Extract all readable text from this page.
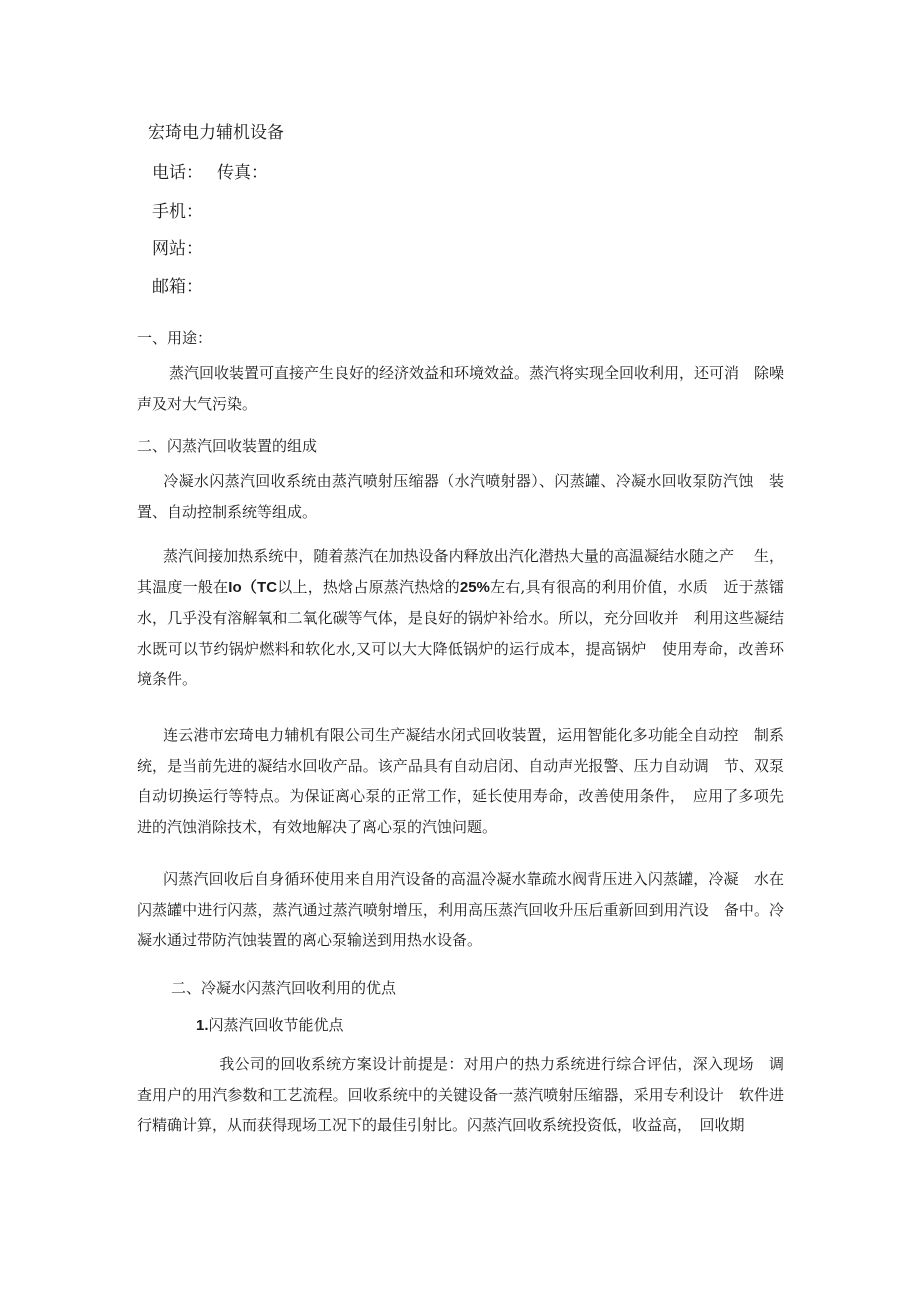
宏琦电力辅机设备
电话： 传真：
手机：
网站：
邮箱：
一、用途：
蒸汽回收装置可直接产生良好的经济效益和环境效益。蒸汽将实现全回收利用，还可消　除噪声及对大气污染。
二、闪蒸汽回收装置的组成
冷凝水闪蒸汽回收系统由蒸汽喷射压缩器（水汽喷射器）、闪蒸罐、冷凝水回收泵防汽蚀　装置、自动控制系统等组成。
蒸汽间接加热系统中，随着蒸汽在加热设备内释放出汽化潜热大量的高温凝结水随之产　 生，其温度一般在Io（TC以上，热焓占原蒸汽热焓的25%左右,具有很高的利用价值，水质　近于蒸镭水，几乎没有溶解氧和二氧化碳等气体，是良好的锅炉补给水。所以，充分回收并　利用这些凝结水既可以节约锅炉燃料和软化水,又可以大大降低锅炉的运行成本，提高锅炉　使用寿命，改善环境条件。
连云港市宏琦电力辅机有限公司生产凝结水闭式回收装置，运用智能化多功能全自动控　制系统，是当前先进的凝结水回收产品。该产品具有自动启闭、自动声光报警、压力自动调　节、双泵自动切换运行等特点。为保证离心泵的正常工作，延长使用寿命，改善使用条件，　应用了多项先进的汽蚀消除技术，有效地解决了离心泵的汽蚀问题。
闪蒸汽回收后自身循环使用来自用汽设备的高温冷凝水靠疏水阀背压进入闪蒸罐，冷凝　水在闪蒸罐中进行闪蒸，蒸汽通过蒸汽喷射增压，利用高压蒸汽回收升压后重新回到用汽设　备中。冷凝水通过带防汽蚀装置的离心泵输送到用热水设备。
二、冷凝水闪蒸汽回收利用的优点
1.闪蒸汽回收节能优点
我公司的回收系统方案设计前提是：对用户的热力系统进行综合评估，深入现场　调查用户的用汽参数和工艺流程。回收系统中的关键设备一蒸汽喷射压缩器，采用专利设计　软件进行精确计算，从而获得现场工况下的最佳引射比。闪蒸汽回收系统投资低，收益高，　回收期
